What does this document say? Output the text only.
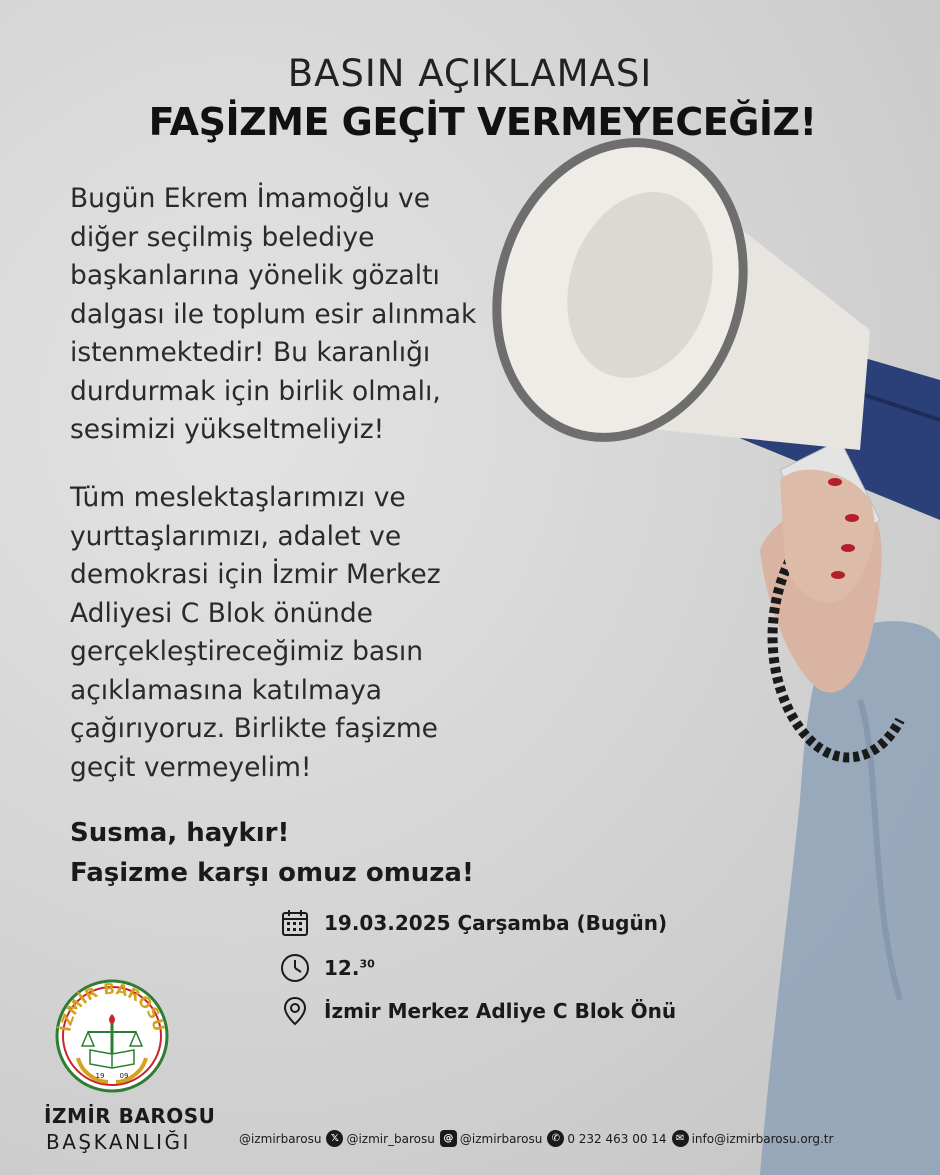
BASIN AÇIKLAMASI
FAŞİZME GEÇİT VERMEYECEĞİZ!

Bugün Ekrem İmamoğlu ve
diğer seçilmiş belediye
başkanlarına yönelik gözaltı
dalgası ile toplum esir alınmak
istenmektedir! Bu karanlığı
durdurmak için birlik olmalı,
sesimizi yükseltmeliyiz!

Tüm meslektaşlarımızı ve
yurttaşlarımızı, adalet ve
demokrasi için İzmir Merkez
Adliyesi C Blok önünde
gerçekleştireceğimiz basın
açıklamasına katılmaya
çağırıyoruz. Birlikte faşizme
geçit vermeyelim!

Susma, haykır!
Faşizme karşı omuz omuza!
19.03.2025 Çarşamba (Bugün)
12.30
İzmir Merkez Adliye C Blok Önü
İZMİR BAROSU
19 09
İZMİR BAROSU
BAŞKANLIĞI	@izmirbarosu 𝕏 @izmir_barosu @ @izmirbarosu ✆ 0 232 463 00 14 ✉ info@izmirbarosu.org.tr
